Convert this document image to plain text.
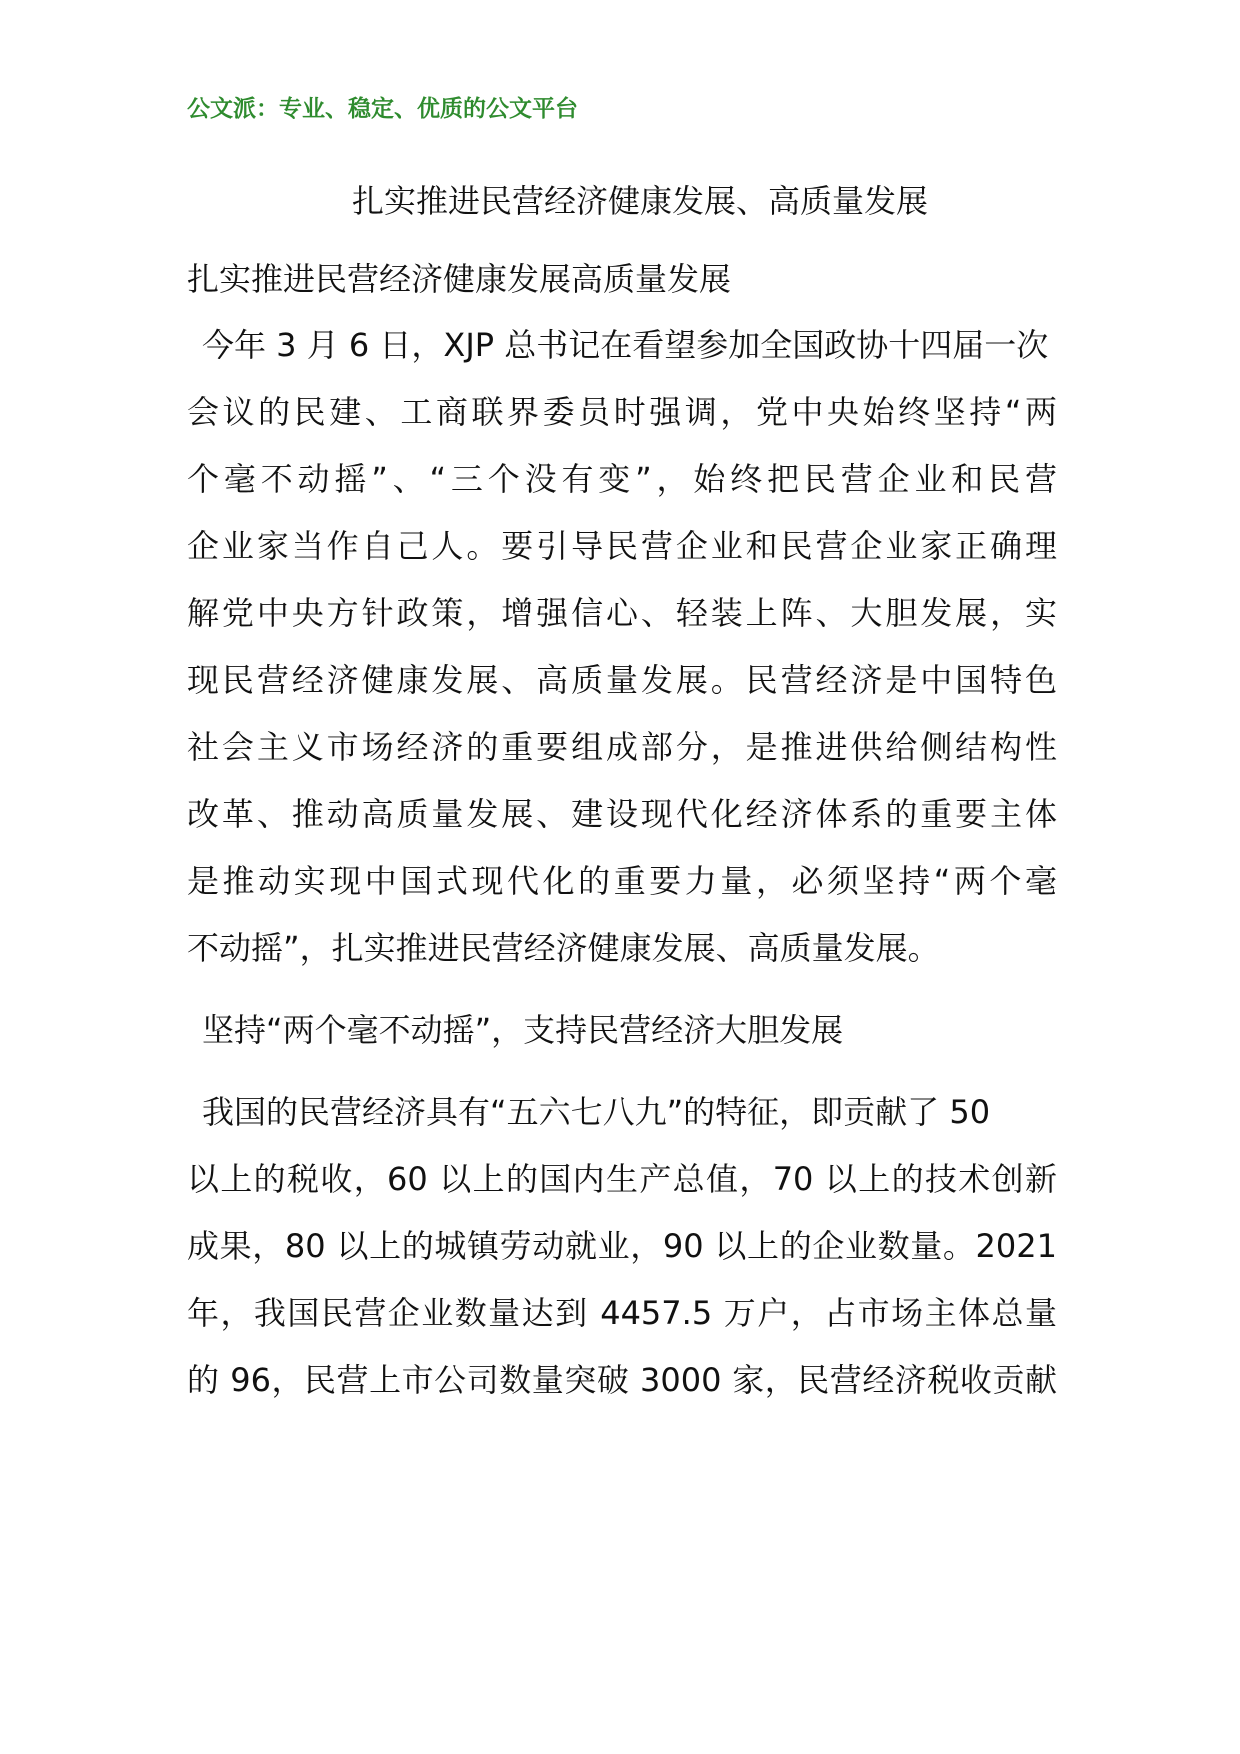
公文派：专业、稳定、优质的公文平台
扎实推进民营经济健康发展、高质量发展
扎实推进民营经济健康发展高质量发展
今年 3 月 6 日，XJP 总书记在看望参加全国政协十四届一次
会议的民建、工商联界委员时强调，党中央始终坚持“两
个毫不动摇”、“三个没有变”，始终把民营企业和民营
企业家当作自己人。要引导民营企业和民营企业家正确理
解党中央方针政策，增强信心、轻装上阵、大胆发展，实
现民营经济健康发展、高质量发展。民营经济是中国特色
社会主义市场经济的重要组成部分，是推进供给侧结构性
改革、推动高质量发展、建设现代化经济体系的重要主体
是推动实现中国式现代化的重要力量，必须坚持“两个毫
不动摇”，扎实推进民营经济健康发展、高质量发展。
坚持“两个毫不动摇”，支持民营经济大胆发展
我国的民营经济具有“五六七八九”的特征，即贡献了 50
以上的税收，60 以上的国内生产总值，70 以上的技术创新
成果，80 以上的城镇劳动就业，90 以上的企业数量。2021
年，我国民营企业数量达到 4457.5 万户，占市场主体总量
的 96，民营上市公司数量突破 3000 家，民营经济税收贡献
